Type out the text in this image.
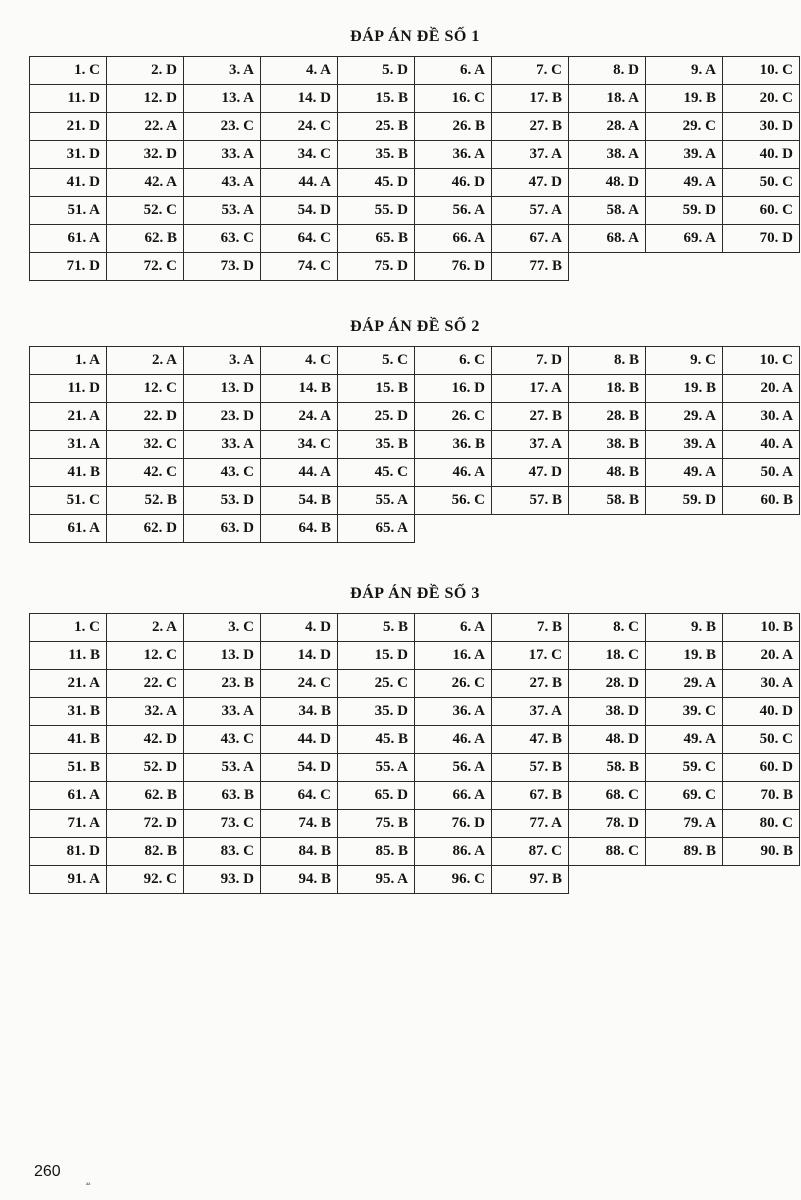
ĐÁP ÁN ĐỀ SỐ 1
1. C	2. D	3. A	4. A	5. D	6. A	7. C	8. D	9. A	10. C
11. D	12. D	13. A	14. D	15. B	16. C	17. B	18. A	19. B	20. C
21. D	22. A	23. C	24. C	25. B	26. B	27. B	28. A	29. C	30. D
31. D	32. D	33. A	34. C	35. B	36. A	37. A	38. A	39. A	40. D
41. D	42. A	43. A	44. A	45. D	46. D	47. D	48. D	49. A	50. C
51. A	52. C	53. A	54. D	55. D	56. A	57. A	58. A	59. D	60. C
61. A	62. B	63. C	64. C	65. B	66. A	67. A	68. A	69. A	70. D
71. D	72. C	73. D	74. C	75. D	76. D	77. B			
ĐÁP ÁN ĐỀ SỐ 2
1. A	2. A	3. A	4. C	5. C	6. C	7. D	8. B	9. C	10. C
11. D	12. C	13. D	14. B	15. B	16. D	17. A	18. B	19. B	20. A
21. A	22. D	23. D	24. A	25. D	26. C	27. B	28. B	29. A	30. A
31. A	32. C	33. A	34. C	35. B	36. B	37. A	38. B	39. A	40. A
41. B	42. C	43. C	44. A	45. C	46. A	47. D	48. B	49. A	50. A
51. C	52. B	53. D	54. B	55. A	56. C	57. B	58. B	59. D	60. B
61. A	62. D	63. D	64. B	65. A					
ĐÁP ÁN ĐỀ SỐ 3
1. C	2. A	3. C	4. D	5. B	6. A	7. B	8. C	9. B	10. B
11. B	12. C	13. D	14. D	15. D	16. A	17. C	18. C	19. B	20. A
21. A	22. C	23. B	24. C	25. C	26. C	27. B	28. D	29. A	30. A
31. B	32. A	33. A	34. B	35. D	36. A	37. A	38. D	39. C	40. D
41. B	42. D	43. C	44. D	45. B	46. A	47. B	48. D	49. A	50. C
51. B	52. D	53. A	54. D	55. A	56. A	57. B	58. B	59. C	60. D
61. A	62. B	63. B	64. C	65. D	66. A	67. B	68. C	69. C	70. B
71. A	72. D	73. C	74. B	75. B	76. D	77. A	78. D	79. A	80. C
81. D	82. B	83. C	84. B	85. B	86. A	87. C	88. C	89. B	90. B
91. A	92. C	93. D	94. B	95. A	96. C	97. B			
260
ᵃᵃ
